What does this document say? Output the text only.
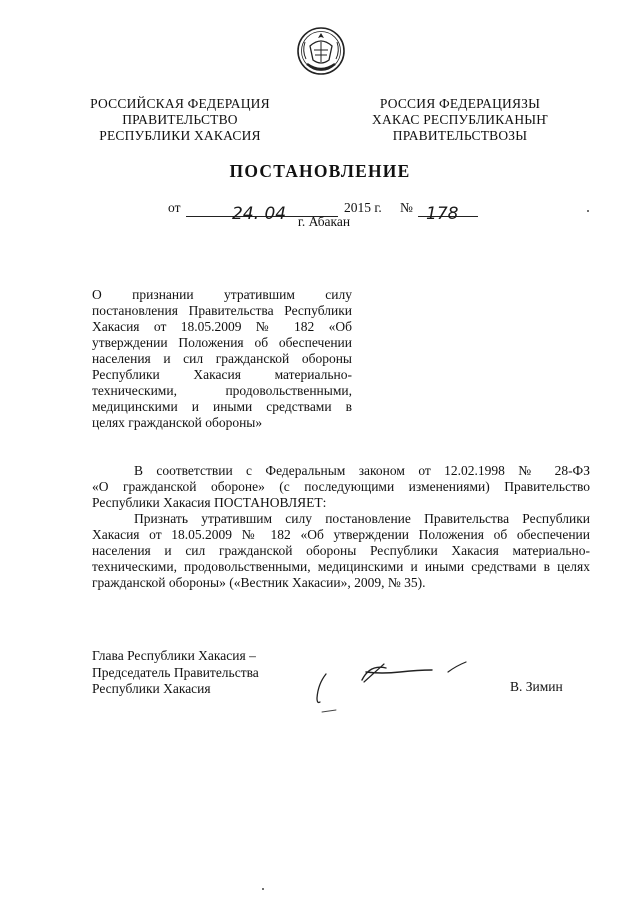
РОССИЙСКАЯ ФЕДЕРАЦИЯ
ПРАВИТЕЛЬСТВО
РЕСПУБЛИКИ ХАКАСИЯ
РОССИЯ ФЕДЕРАЦИЯЗЫ
ХАКАС РЕСПУБЛИКАНЫҤ
ПРАВИТЕЛЬСТВОЗЫ
ПОСТАНОВЛЕНИЕ
от	24. 04	2015 г. № 178
г. Абакан
О признании утратившим силу
постановления Правительства Республики
Хакасия от 18.05.2009 № 182 «Об
утверждении Положения об обеспечении
населения и сил гражданской обороны
Республики Хакасия материально-
техническими, продовольственными,
медицинскими и иными средствами в
целях гражданской обороны»
В соответствии с Федеральным законом от 12.02.1998 № 28-ФЗ
«О гражданской обороне» (с последующими изменениями) Правительство
Республики Хакасия ПОСТАНОВЛЯЕТ:
Признать утратившим силу постановление Правительства Республики
Хакасия от 18.05.2009 № 182 «Об утверждении Положения об обеспечении
населения и сил гражданской обороны Республики Хакасия материально-
техническими, продовольственными, медицинскими и иными средствами в целях
гражданской обороны» («Вестник Хакасии», 2009, № 35).
Глава Республики Хакасия –
Председатель Правительства
Республики Хакасия	В. Зимин
